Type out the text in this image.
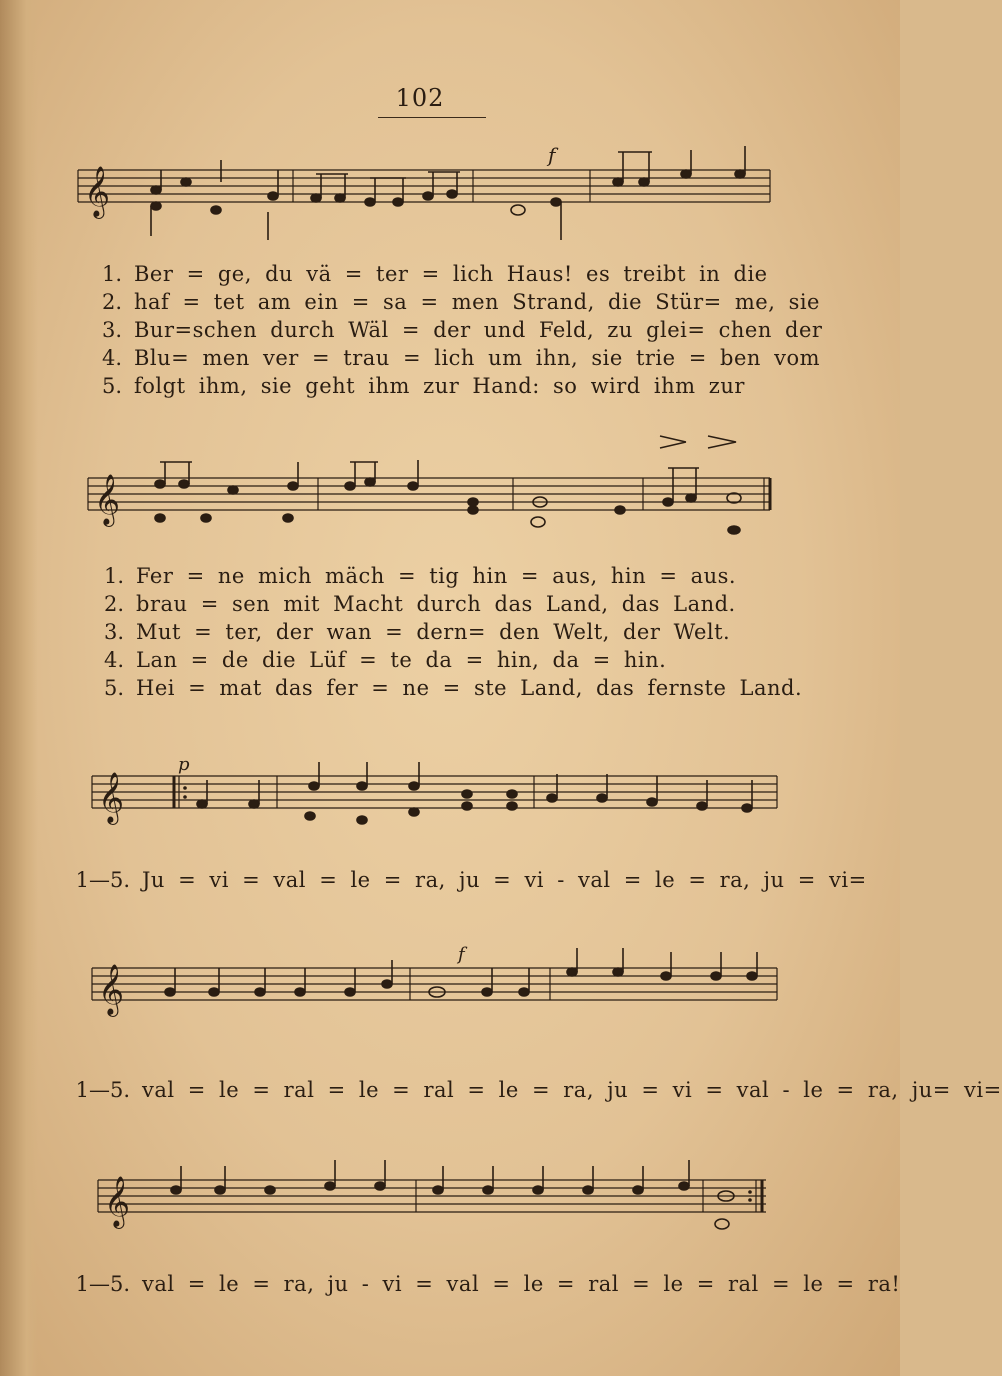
102
𝄞
f
1. Ber = ge, du vä = ter = lich Haus! es treibt in die
2. haf = tet am ein = sa = men Strand, die Stür= me, sie
3. Bur=schen durch Wäl = der und Feld, zu glei= chen der
4. Blu= men ver = trau = lich um ihn, sie trie = ben vom
5. folgt ihm, sie geht ihm zur Hand: so wird ihm zur
𝄞
1. Fer = ne mich mäch = tig hin = aus, hin = aus.
2. brau = sen mit Macht durch das Land, das Land.
3. Mut = ter, der wan = dern= den Welt, der Welt.
4. Lan = de die Lüf = te da = hin, da = hin.
5. Hei = mat das fer = ne = ste Land, das fernste Land.
𝄞
p
1—5. Ju = vi = val = le = ra, ju = vi - val = le = ra, ju = vi=
𝄞
f
1—5. val = le = ral = le = ral = le = ra, ju = vi = val - le = ra, ju= vi=
𝄞
1—5. val = le = ra, ju - vi = val = le = ral = le = ral = le = ra!
